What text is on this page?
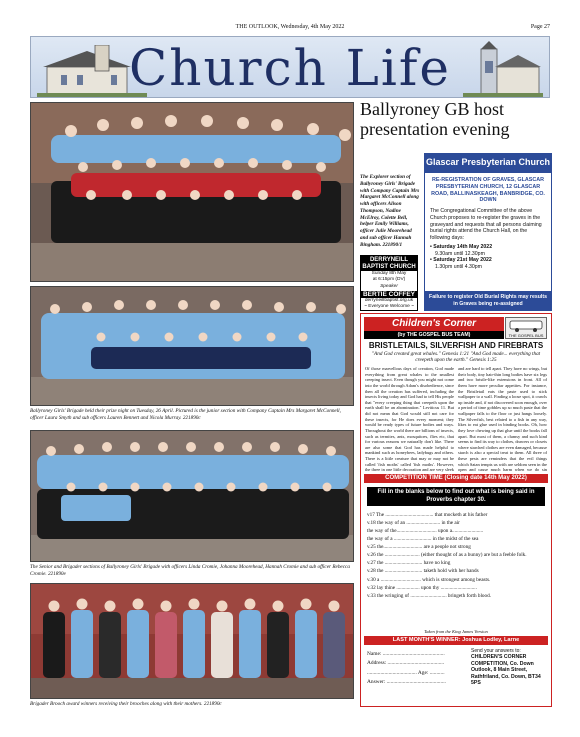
THE OUTLOOK, Wednesday, 4th May 2022	Page 27
Church Life
Ballyroney GB host presentation evening
The Explorer section of Ballyroney Girls' Brigade with Company Captain Mrs Margaret McConnell along with officers Alison Thompson, Nadine McElroy, Colette Bell, helper Emily Williams, officer Julie Moorehead and sub officer Hannah Bingham. 221890/1
DERRYNEILL BAPTIST CHURCH
Sunday 8th May
at 6:15pm (DV)
Speaker
BERTIE COFFEY
derryneillbaptist.org.uk
~ Everyone Welcome ~
Glascar Presbyterian Church
RE-REGISTRATION OF GRAVES, GLASCAR PRESBYTERIAN CHURCH, 12 GLASCAR ROAD, BALLINASKEAGH, BANBRIDGE, CO. DOWN
The Congregational Committee of the above Church proposes to re-register the graves in the graveyard and requests that all persons claiming burial rights attend the Church Hall, on the following days:
• Saturday 14th May 2022
9.30am until 12.30pm
• Saturday 21st May 2022
1.30pm until 4.30pm
Failure to register Old Burial Rights may results in Graves being re-assigned
Ballyroney Girls' Brigade held their prize night on Tuesday, 26 April. Pictured is the junior section with Company Captain Mrs Margaret McConnell, officer Laura Smyth and sub officers Lauren Bennett and Nicola Murray. 221890c
The Senior and Brigader sections of Ballyroney Girls' Brigade with officers Linda Cromie, Johanna Moorehead, Hannah Cromie and sub officer Rebecca Cromie. 221890e
Brigader Brooch award winners receiving their brooches along with their mothers. 221890c
Children's Corner
(by THE GOSPEL BUS TEAM)	THE GOSPEL BUS
BRISTLETAILS, SILVERFISH AND FIREBRATS
"And God created great whales." Genesis 1:21 "And God made... everything that creepeth upon the earth." Genesis 1:25
Of those marvellous days of creation, God made everything from great whales to the smallest creeping insect. Even though you might not come into the world through Adam's disobedience, since then all the creation has suffered, including the insects living today and God had to tell His people that "every creeping thing that creepeth upon the earth shall be an abomination." Leviticus 11. But did not mean that God would still not care for these insects, for He does every moment; they would be ready types of future bodies and ways. Throughout the world there are billions of insects, such as termites, ants, mosquitoes, flies etc, that for various reasons we naturally don't like. There are also some that God has made helpful to mankind such as honeybees, ladybugs and others. There is a little creature that may or may not be called 'fish moths' called 'fish moths'. However, the three in one little decoration and are very sleek
and are hard to tell apart. They have no wings, but their body, tiny hair-thin long bodies have six legs and two bristle-like extensions in front. All of them have more peculiar appetites. For instance, the Bristletail eats the paste used to stick wallpaper to a wall. Finding a loose spot, it crawls up inside and, if not discovered soon enough, over a period of time gobbles up so much paste that the wallpaper falls to the floor or just hangs loosely. The Silverfish, best related to a fish in any way, likes to eat glue used in binding books. Oh, how they love chewing up that glue until the books fall apart. But most of them, a clumsy and such kind seems to find its way to clothes, drawers or closets where starched clothes are even damaged, because starch is also a special treat to them. All three of these pests are reminders that the evil things which Satan tempts us with are seldom seen in the open and cause much harm when we do sin
COMPETITION TIME (Closing date 14th May 2022)
Fill in the blanks below to find out what is being said in Proverbs chapter 30.
v17 The ..................................... that mocketh at his father
v.18 the way of an .......................... in the air
the way of the............................... upon a........................
the way of a ............................. in the midst of the sea
v.25 the.............................. are a people not strong
v.26 the ........................... (either thought of as a bunny) are but a feeble folk.
v.27 the ............................. have no king
v.28 the ............................. taketh hold with her hands
v.30 a ............................... which is strongest among beasts.
v.32 lay thine .................. upon thy ............................
v.33 the wringing of ............................ bringeth forth blood.
Taken from the King James Version
LAST MONTH'S WINNER: Joshua Lodley, Larne
Name: ..............................................
Address: ..........................................
..................................... Age: ...........
Answer: ............................................
Send your answers to:
CHILDREN'S CORNER COMPETITION, Co. Down Outlook, 8 Main Street, Rathfriland, Co. Down, BT34 5PS
